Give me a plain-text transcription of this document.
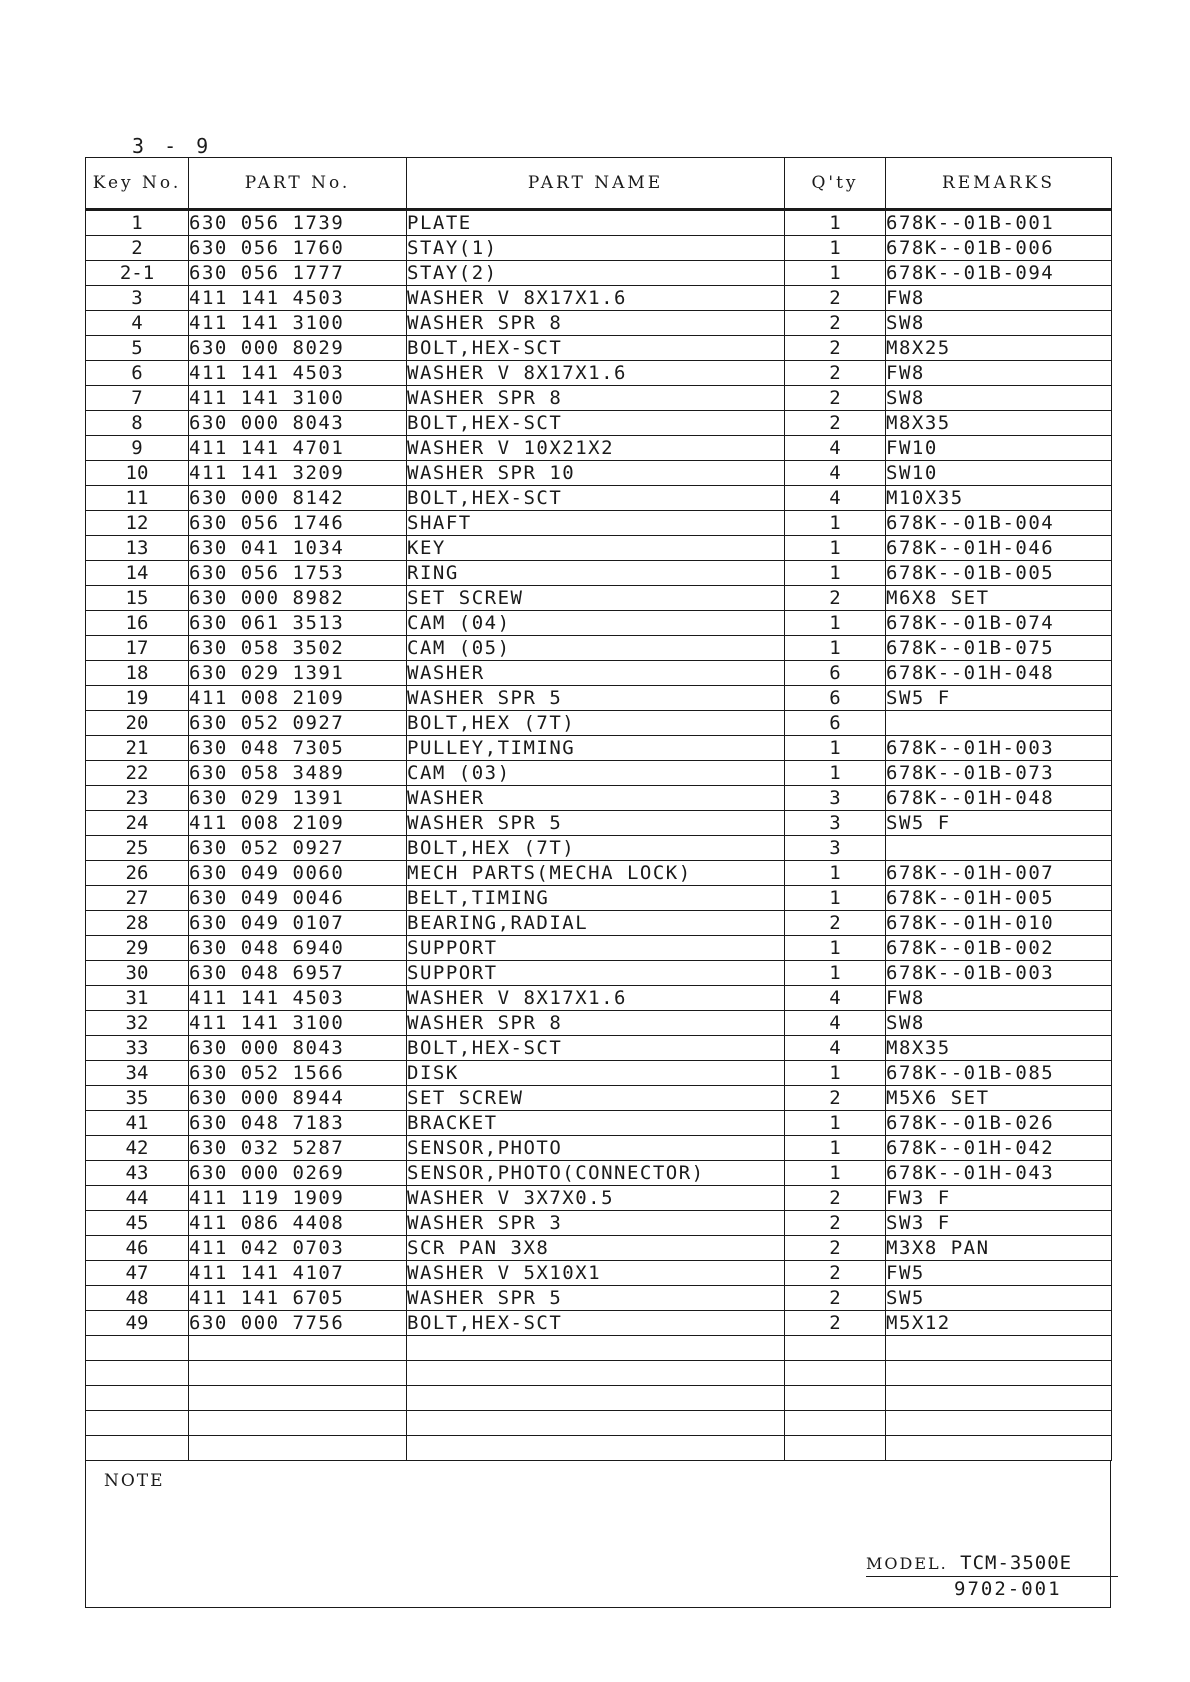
3 - 9
Key No.	PART No.	PART NAME	Q'ty	REMARKS
1	630 056 1739	PLATE	1	678K--01B-001
2	630 056 1760	STAY(1)	1	678K--01B-006
2-1	630 056 1777	STAY(2)	1	678K--01B-094
3	411 141 4503	WASHER V 8X17X1.6	2	FW8
4	411 141 3100	WASHER SPR 8	2	SW8
5	630 000 8029	BOLT,HEX-SCT	2	M8X25
6	411 141 4503	WASHER V 8X17X1.6	2	FW8
7	411 141 3100	WASHER SPR 8	2	SW8
8	630 000 8043	BOLT,HEX-SCT	2	M8X35
9	411 141 4701	WASHER V 10X21X2	4	FW10
10	411 141 3209	WASHER SPR 10	4	SW10
11	630 000 8142	BOLT,HEX-SCT	4	M10X35
12	630 056 1746	SHAFT	1	678K--01B-004
13	630 041 1034	KEY	1	678K--01H-046
14	630 056 1753	RING	1	678K--01B-005
15	630 000 8982	SET SCREW	2	M6X8 SET
16	630 061 3513	CAM (04)	1	678K--01B-074
17	630 058 3502	CAM (05)	1	678K--01B-075
18	630 029 1391	WASHER	6	678K--01H-048
19	411 008 2109	WASHER SPR 5	6	SW5 F
20	630 052 0927	BOLT,HEX (7T)	6	
21	630 048 7305	PULLEY,TIMING	1	678K--01H-003
22	630 058 3489	CAM (03)	1	678K--01B-073
23	630 029 1391	WASHER	3	678K--01H-048
24	411 008 2109	WASHER SPR 5	3	SW5 F
25	630 052 0927	BOLT,HEX (7T)	3	
26	630 049 0060	MECH PARTS(MECHA LOCK)	1	678K--01H-007
27	630 049 0046	BELT,TIMING	1	678K--01H-005
28	630 049 0107	BEARING,RADIAL	2	678K--01H-010
29	630 048 6940	SUPPORT	1	678K--01B-002
30	630 048 6957	SUPPORT	1	678K--01B-003
31	411 141 4503	WASHER V 8X17X1.6	4	FW8
32	411 141 3100	WASHER SPR 8	4	SW8
33	630 000 8043	BOLT,HEX-SCT	4	M8X35
34	630 052 1566	DISK	1	678K--01B-085
35	630 000 8944	SET SCREW	2	M5X6 SET
41	630 048 7183	BRACKET	1	678K--01B-026
42	630 032 5287	SENSOR,PHOTO	1	678K--01H-042
43	630 000 0269	SENSOR,PHOTO(CONNECTOR)	1	678K--01H-043
44	411 119 1909	WASHER V 3X7X0.5	2	FW3 F
45	411 086 4408	WASHER SPR 3	2	SW3 F
46	411 042 0703	SCR PAN 3X8	2	M3X8 PAN
47	411 141 4107	WASHER V 5X10X1	2	FW5
48	411 141 6705	WASHER SPR 5	2	SW5
49	630 000 7756	BOLT,HEX-SCT	2	M5X12

NOTE
MODEL. TCM-3500E
9702-001
